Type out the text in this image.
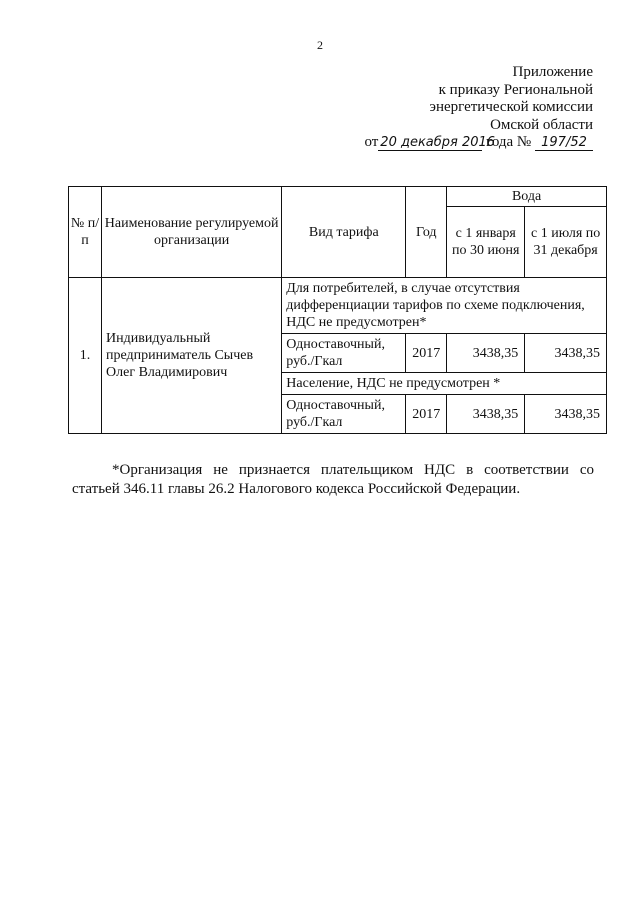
2
Приложение
к приказу Региональной
энергетической комиссии
Омской области
от 20 декабря 2016 года № 197/52
№ п/п	Наименование регулируемой организации	Вид тарифа	Год	Вода	
				с 1 января по 30 июня	с 1 июля по 31 декабря
1.	Индивидуальный предприниматель Сычев Олег Владимирович	Для потребителей, в случае отсутствия дифференциации тарифов по схеме подключения, НДС не предусмотрен*			
		Одноставочный, руб./Гкал	2017	3438,35	3438,35
		Население, НДС не предусмотрен *			
		Одноставочный, руб./Гкал	2017	3438,35	3438,35
*Организация не признается плательщиком НДС в соответствии со статьей 346.11 главы 26.2 Налогового кодекса Российской Федерации.
